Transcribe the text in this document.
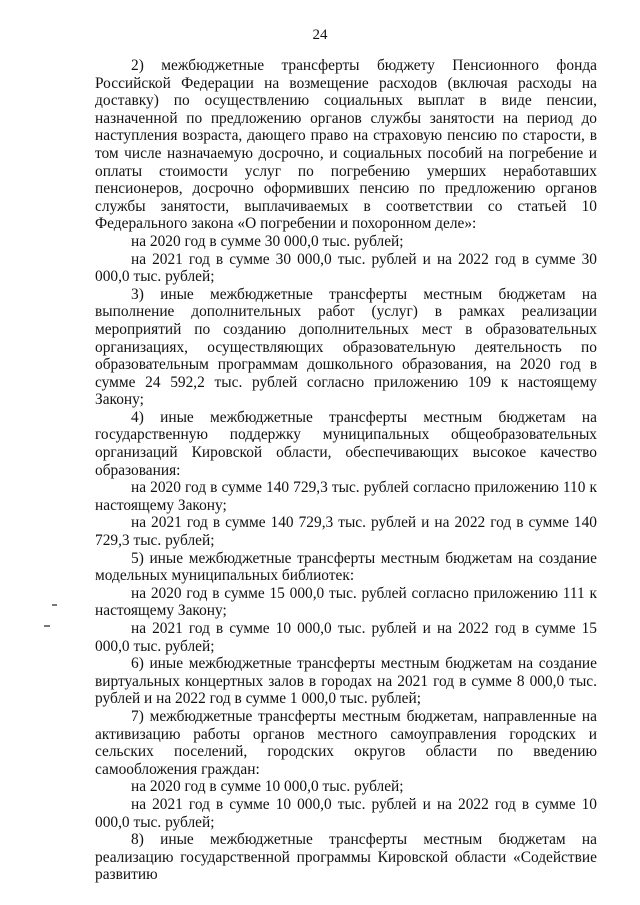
24

2) межбюджетные трансферты бюджету Пенсионного фонда Российской Федерации на возмещение расходов (включая расходы на доставку) по осуществлению социальных выплат в виде пенсии, назначенной по предложению органов службы занятости на период до наступления возраста, дающего право на страховую пенсию по старости, в том числе назначаемую досрочно, и социальных пособий на погребение и оплаты стоимости услуг по погребению умерших неработавших пенсионеров, досрочно оформивших пенсию по предложению органов службы занятости, выплачиваемых в соответствии со статьей 10 Федерального закона «О погребении и похоронном деле»:

на 2020 год в сумме 30 000,0 тыс. рублей;

на 2021 год в сумме 30 000,0 тыс. рублей и на 2022 год в сумме 30 000,0 тыс. рублей;

3) иные межбюджетные трансферты местным бюджетам на выполнение дополнительных работ (услуг) в рамках реализации мероприятий по созданию дополнительных мест в образовательных организациях, осуществляющих образовательную деятельность по образовательным программам дошкольного образования, на 2020 год в сумме 24 592,2 тыс. рублей согласно приложению 109 к настоящему Закону;

4) иные межбюджетные трансферты местным бюджетам на государственную поддержку муниципальных общеобразовательных организаций Кировской области, обеспечивающих высокое качество образования:

на 2020 год в сумме 140 729,3 тыс. рублей согласно приложению 110 к настоящему Закону;

на 2021 год в сумме 140 729,3 тыс. рублей и на 2022 год в сумме 140 729,3 тыс. рублей;

5) иные межбюджетные трансферты местным бюджетам на создание модельных муниципальных библиотек:

на 2020 год в сумме 15 000,0 тыс. рублей согласно приложению 111 к настоящему Закону;

на 2021 год в сумме 10 000,0 тыс. рублей и на 2022 год в сумме 15 000,0 тыс. рублей;

6) иные межбюджетные трансферты местным бюджетам на создание виртуальных концертных залов в городах на 2021 год в сумме 8 000,0 тыс. рублей и на 2022 год в сумме 1 000,0 тыс. рублей;

7) межбюджетные трансферты местным бюджетам, направленные на активизацию работы органов местного самоуправления городских и сельских поселений, городских округов области по введению самообложения граждан:

на 2020 год в сумме 10 000,0 тыс. рублей;

на 2021 год в сумме 10 000,0 тыс. рублей и на 2022 год в сумме 10 000,0 тыс. рублей;

8) иные межбюджетные трансферты местным бюджетам на реализацию государственной программы Кировской области «Содействие развитию
